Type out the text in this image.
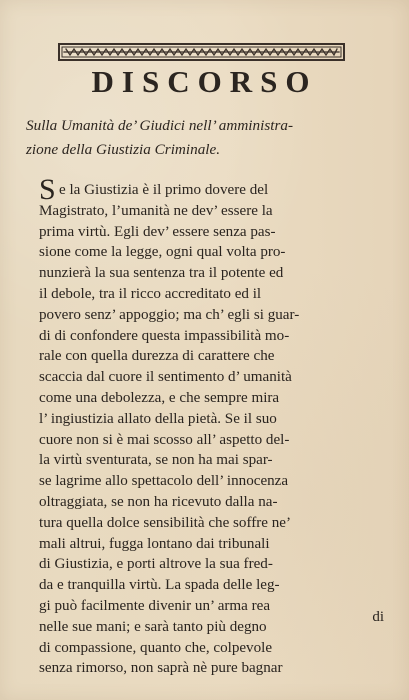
DISCORSO

Sulla Umanità de’ Giudici nell’ amministra-
zione della Giustizia Criminale.

S e la Giustizia è il primo dovere del
Magistrato, l’umanità ne dev’ essere la
prima virtù. Egli dev’ essere senza pas-
sione come la legge, ogni qual volta pro-
nunzierà la sua sentenza tra il potente ed
il debole, tra il ricco accreditato ed il
povero senz’ appoggio; ma ch’ egli si guar-
di di confondere questa impassibilità mo-
rale con quella durezza di carattere che
scaccia dal cuore il sentimento d’ umanità
come una debolezza, e che sempre mira
l’ ingiustizia allato della pietà. Se il suo
cuore non si è mai scosso all’ aspetto del-
la virtù sventurata, se non ha mai spar-
se lagrime allo spettacolo dell’ innocenza
oltraggiata, se non ha ricevuto dalla na-
tura quella dolce sensibilità che soffre ne’
mali altrui, fugga lontano dai tribunali
di Giustizia, e porti altrove la sua fred-
da e tranquilla virtù. La spada delle leg-
gi può facilmente divenir un’ arma rea
nelle sue mani; e sarà tanto più degno
di compassione, quanto che, colpevole
senza rimorso, non saprà nè pure bagnar
di
